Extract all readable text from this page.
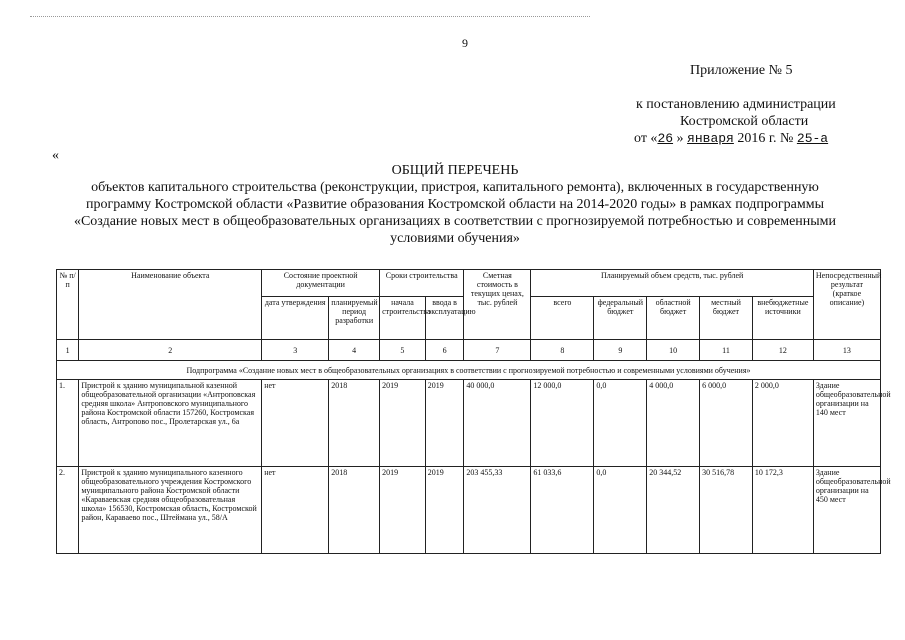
9
Приложение № 5
к постановлению администрации
Костромской области
от «26 » января 2016 г. № 25-а
«
ОБЩИЙ ПЕРЕЧЕНЬ
объектов капитального строительства (реконструкции, пристроя, капитального ремонта), включенных в государственную программу Костромской области «Развитие образования Костромской области на 2014-2020 годы» в рамках подпрограммы «Создание новых мест в общеобразовательных организациях в соответствии с прогнозируемой потребностью и современными условиями обучения»
№ п/п	Наименование объекта	Состояние проектной документации		Сроки строительства		Сметная стоимость в текущих ценах, тыс. рублей	Планируемый объем средств, тыс. рублей					Непосредственный результат (краткое описание)
		дата утверждения	планируемый период разработки	начала строительства	ввода в эксплуатацию		всего	федеральный бюджет	областной бюджет	местный бюджет	внебюджетные источники	
1	2	3	4	5	6	7	8	9	10	11	12	13
Подпрограмма «Создание новых мест в общеобразовательных организациях в соответствии с прогнозируемой потребностью и современными условиями обучения»												
1.	Пристрой к зданию муниципальной казенной общеобразовательной организации «Антроповская средняя школа» Антроповского муниципального района Костромской области 157260, Костромская область, Антропово пос., Пролетарская ул., 6а	нет	2018	2019	2019	40 000,0	12 000,0	0,0	4 000,0	6 000,0	2 000,0	Здание общеобразовательной организации на 140 мест
2.	Пристрой к зданию муниципального казенного общеобразовательного учреждения Костромского муниципального района Костромской области «Караваевская средняя общеобразовательная школа» 156530, Костромская область, Костромской район, Караваево пос., Штеймана ул., 58/А	нет	2018	2019	2019	203 455,33	61 033,6	0,0	20 344,52	30 516,78	10 172,3	Здание общеобразовательной организации на 450 мест
